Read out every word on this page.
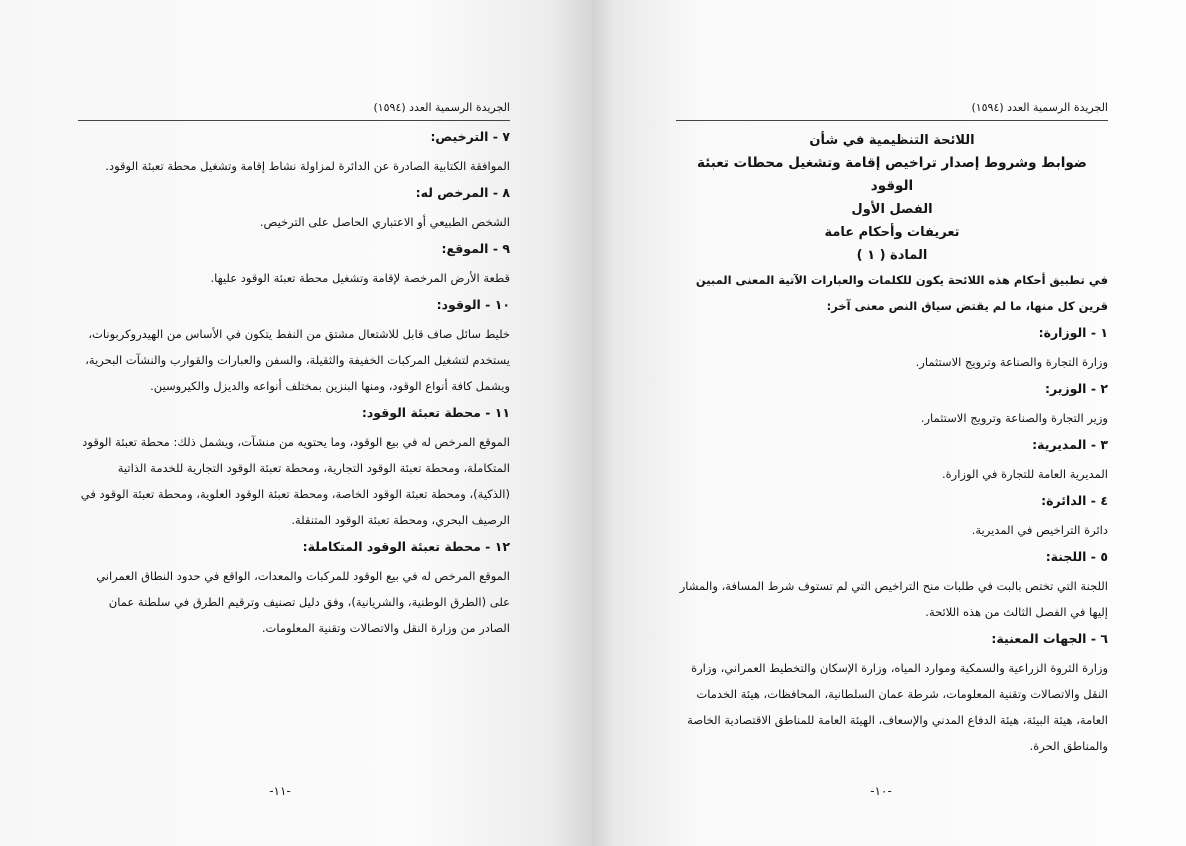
الجريدة الرسمية العدد (١٥٩٤)
٧ - الترخيص:
الموافقة الكتابية الصادرة عن الدائرة لمزاولة نشاط إقامة وتشغيل محطة تعبئة الوقود.
٨ - المرخص له:
الشخص الطبيعي أو الاعتباري الحاصل على الترخيص.
٩ - الموقع:
قطعة الأرض المرخصة لإقامة وتشغيل محطة تعبئة الوقود عليها.
١٠ - الوقود:
خليط سائل صاف قابل للاشتعال مشتق من النفط يتكون في الأساس من الهيدروكربونات، يستخدم لتشغيل المركبات الخفيفة والثقيلة، والسفن والعبارات والقوارب والنشآت البحرية، ويشمل كافة أنواع الوقود، ومنها البنزين بمختلف أنواعه والديزل والكيروسين.
١١ - محطة تعبئة الوقود:
الموقع المرخص له في بيع الوقود، وما يحتويه من منشآت، ويشمل ذلك: محطة تعبئة الوقود المتكاملة، ومحطة تعبئة الوقود التجارية، ومحطة تعبئة الوقود التجارية للخدمة الذاتية (الذكية)، ومحطة تعبئة الوقود الخاصة، ومحطة تعبئة الوقود العلوية، ومحطة تعبئة الوقود في الرصيف البحري، ومحطة تعبئة الوقود المتنقلة.
١٢ - محطة تعبئة الوقود المتكاملة:
الموقع المرخص له في بيع الوقود للمركبات والمعدات، الواقع في حدود النطاق العمراني على (الطرق الوطنية، والشريانية)، وفق دليل تصنيف وترقيم الطرق في سلطنة عمان الصادر من وزارة النقل والاتصالات وتقنية المعلومات.
-١١-
الجريدة الرسمية العدد (١٥٩٤)
اللائحة التنظيمية في شأن
ضوابط وشروط إصدار تراخيص إقامة وتشغيل محطات تعبئة الوقود
الفصل الأول
تعريفات وأحكام عامة
المادة ( ١ )
في تطبيق أحكام هذه اللائحة يكون للكلمات والعبارات الآتية المعنى المبين قرين كل منها، ما لم يقتض سياق النص معنى آخر:
١ - الوزارة:
وزارة التجارة والصناعة وترويج الاستثمار.
٢ - الوزير:
وزير التجارة والصناعة وترويج الاستثمار.
٣ - المديرية:
المديرية العامة للتجارة في الوزارة.
٤ - الدائرة:
دائرة التراخيص في المديرية.
٥ - اللجنة:
اللجنة التي تختص بالبت في طلبات منح التراخيص التي لم تستوف شرط المسافة، والمشار إليها في الفصل الثالث من هذه اللائحة.
٦ - الجهات المعنية:
وزارة الثروة الزراعية والسمكية وموارد المياه، وزارة الإسكان والتخطيط العمراني، وزارة النقل والاتصالات وتقنية المعلومات، شرطة عمان السلطانية، المحافظات، هيئة الخدمات العامة، هيئة البيئة، هيئة الدفاع المدني والإسعاف، الهيئة العامة للمناطق الاقتصادية الخاصة والمناطق الحرة.
-١٠-
